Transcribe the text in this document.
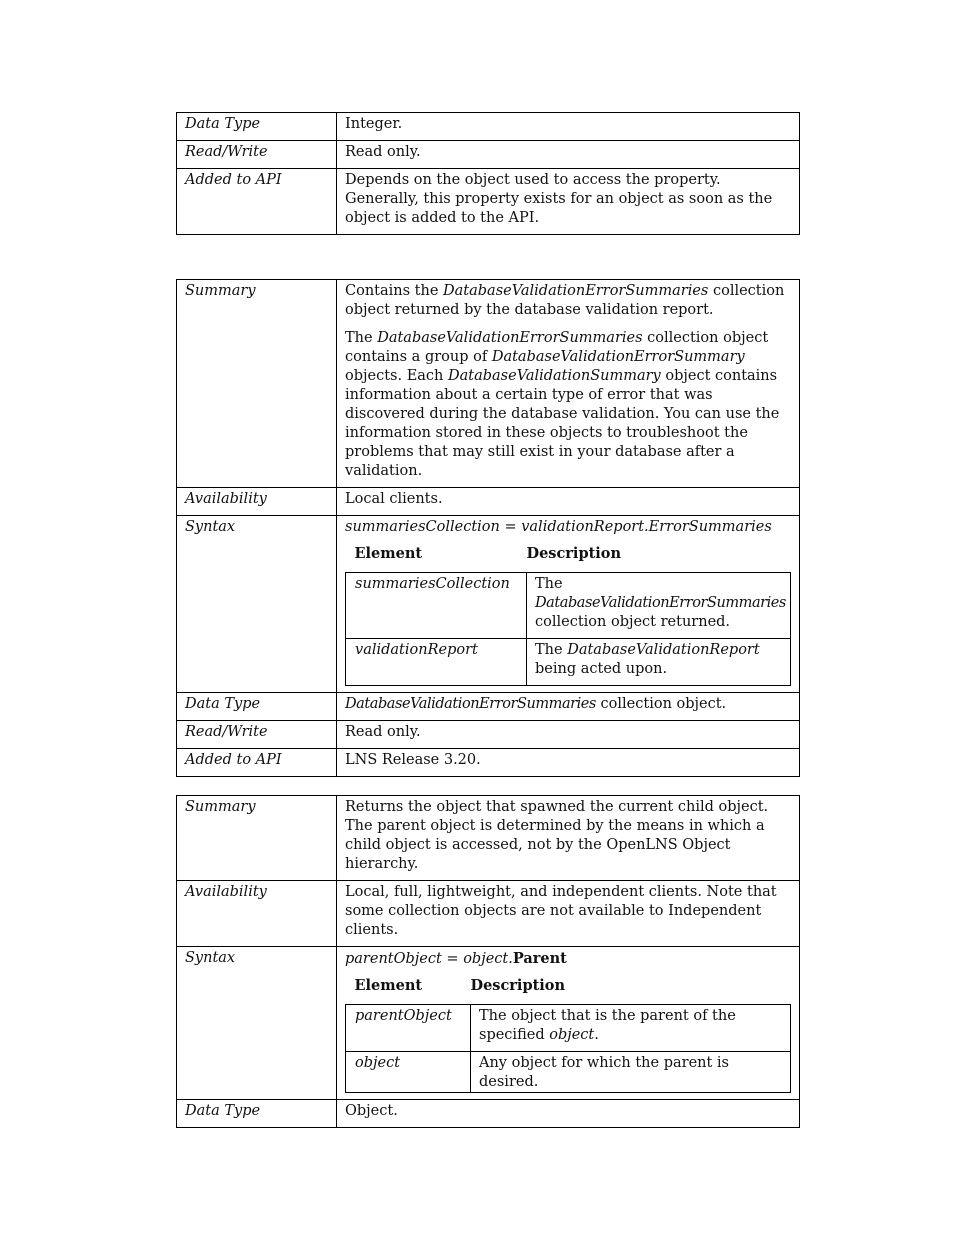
Data Type	Integer.
Read/Write	Read only.
Added to API	Depends on the object used to access the property. Generally, this property exists for an object as soon as the object is added to the API.
Summary	Contains the DatabaseValidationErrorSummaries collection object returned by the database validation report.

The DatabaseValidationErrorSummaries collection object contains a group of DatabaseValidationErrorSummary objects. Each DatabaseValidationSummary object contains information about a certain type of error that was discovered during the database validation. You can use the information stored in these objects to troubleshoot the problems that may still exist in your database after a validation.

Availability	Local clients.
Syntax	summariesCollection = validationReport.ErrorSummaries
Element	Description
summariesCollection	The
DatabaseValidationErrorSummaries
collection object returned.
validationReport	The DatabaseValidationReport
being acted upon.

Data Type	DatabaseValidationErrorSummaries collection object.
Read/Write	Read only.
Added to API	LNS Release 3.20.
Summary	Returns the object that spawned the current child object. The parent object is determined by the means in which a child object is accessed, not by the OpenLNS Object hierarchy.
Availability	Local, full, lightweight, and independent clients. Note that some collection objects are not available to Independent clients.
Syntax	parentObject = object.Parent
Element	Description
parentObject	The object that is the parent of the specified object.
object	Any object for which the parent is desired.

Data Type	Object.
